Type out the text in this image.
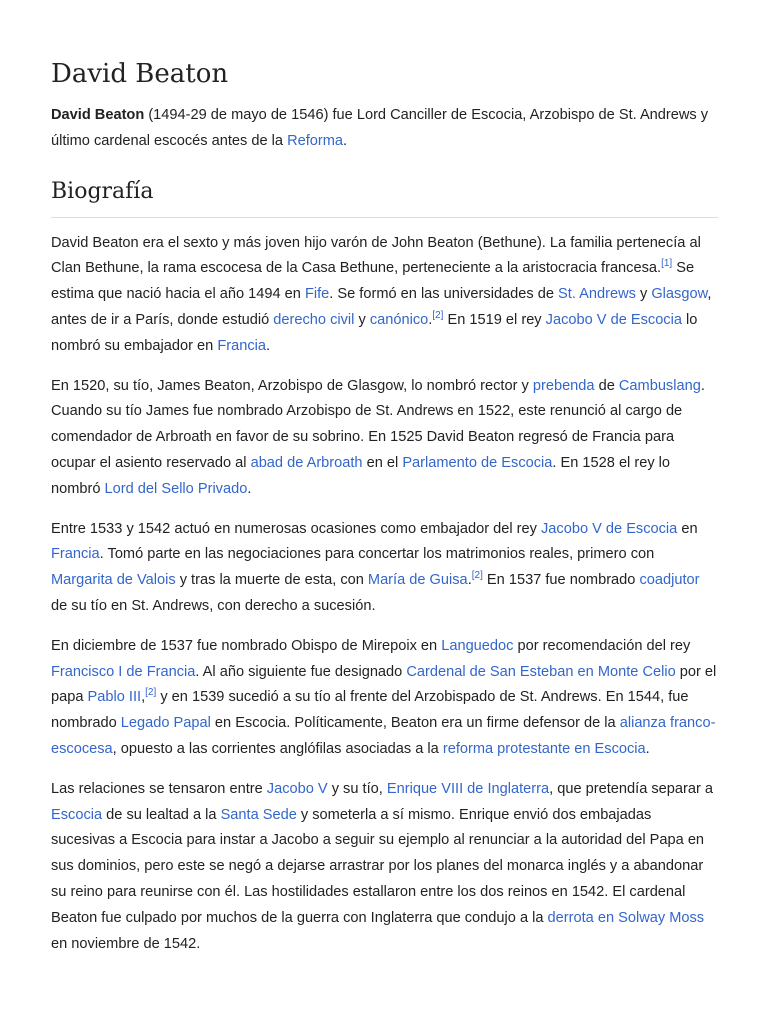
David Beaton

David Beaton (1494-29 de mayo de 1546) fue Lord Canciller de Escocia, Arzobispo de St. Andrews y último cardenal escocés antes de la Reforma.

Biografía

David Beaton era el sexto y más joven hijo varón de John Beaton (Bethune). La familia pertenecía al Clan Bethune, la rama escocesa de la Casa Bethune, perteneciente a la aristocracia francesa.[1] Se estima que nació hacia el año 1494 en Fife. Se formó en las universidades de St. Andrews y Glasgow, antes de ir a París, donde estudió derecho civil y canónico.[2] En 1519 el rey Jacobo V de Escocia lo nombró su embajador en Francia.

En 1520, su tío, James Beaton, Arzobispo de Glasgow, lo nombró rector y prebenda de Cambuslang. Cuando su tío James fue nombrado Arzobispo de St. Andrews en 1522, este renunció al cargo de comendador de Arbroath en favor de su sobrino. En 1525 David Beaton regresó de Francia para ocupar el asiento reservado al abad de Arbroath en el Parlamento de Escocia. En 1528 el rey lo nombró Lord del Sello Privado.

Entre 1533 y 1542 actuó en numerosas ocasiones como embajador del rey Jacobo V de Escocia en Francia. Tomó parte en las negociaciones para concertar los matrimonios reales, primero con Margarita de Valois y tras la muerte de esta, con María de Guisa.[2] En 1537 fue nombrado coadjutor de su tío en St. Andrews, con derecho a sucesión.

En diciembre de 1537 fue nombrado Obispo de Mirepoix en Languedoc por recomendación del rey Francisco I de Francia. Al año siguiente fue designado Cardenal de San Esteban en Monte Celio por el papa Pablo III,[2] y en 1539 sucedió a su tío al frente del Arzobispado de St. Andrews. En 1544, fue nombrado Legado Papal en Escocia. Políticamente, Beaton era un firme defensor de la alianza franco-escocesa, opuesto a las corrientes anglófilas asociadas a la reforma protestante en Escocia.

Las relaciones se tensaron entre Jacobo V y su tío, Enrique VIII de Inglaterra, que pretendía separar a Escocia de su lealtad a la Santa Sede y someterla a sí mismo. Enrique envió dos embajadas sucesivas a Escocia para instar a Jacobo a seguir su ejemplo al renunciar a la autoridad del Papa en sus dominios, pero este se negó a dejarse arrastrar por los planes del monarca inglés y a abandonar su reino para reunirse con él. Las hostilidades estallaron entre los dos reinos en 1542. El cardenal Beaton fue culpado por muchos de la guerra con Inglaterra que condujo a la derrota en Solway Moss en noviembre de 1542.
